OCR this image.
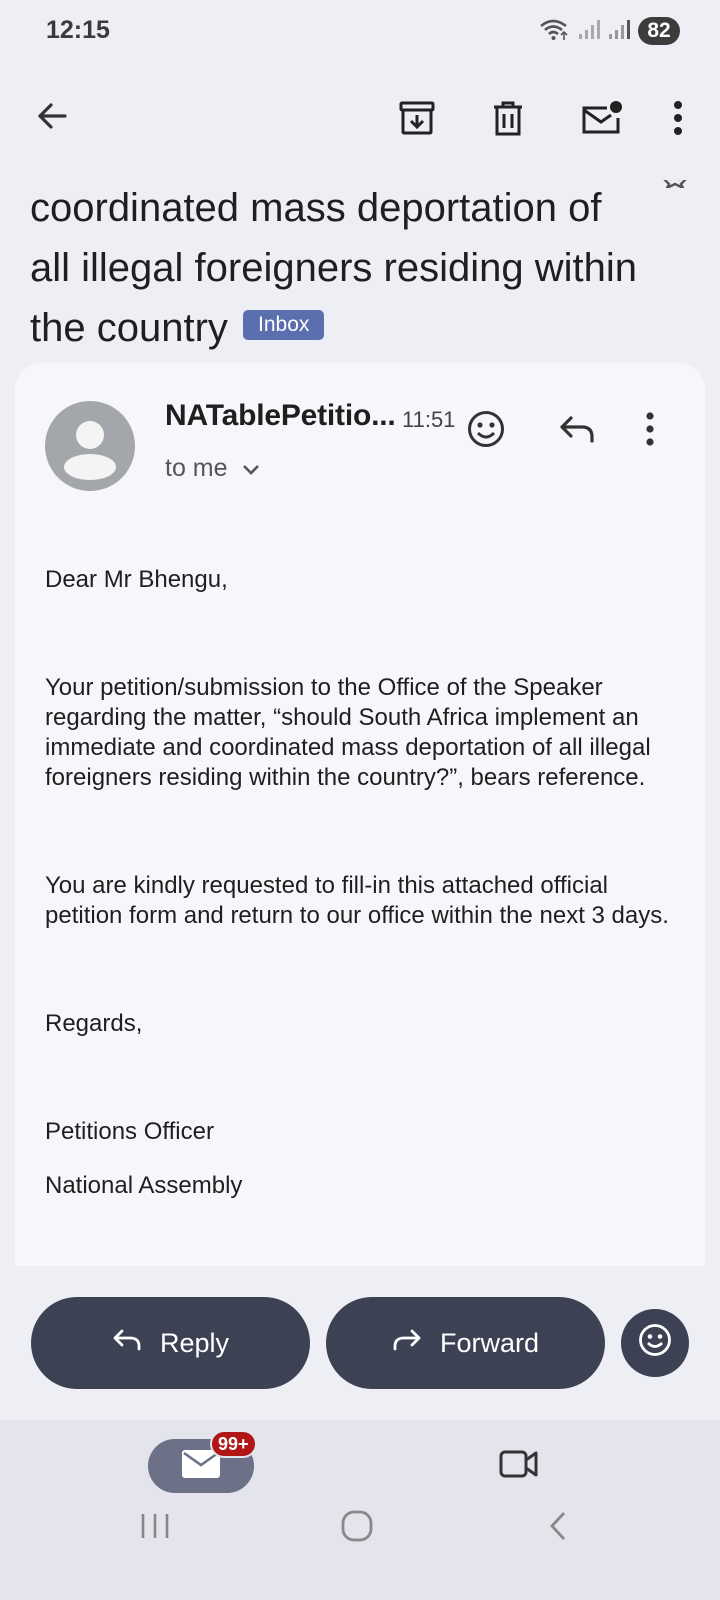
12:15	82
coordinated mass deportation of all illegal foreigners residing within the country Inbox
NATablePetitio... 11:51
to me

Dear Mr Bhengu,

Your petition/submission to the Office of the Speaker regarding the matter, “should South Africa implement an immediate and coordinated mass deportation of all illegal foreigners residing within the country?”, bears reference.

You are kindly requested to fill-in this attached official petition form and return to our office within the next 3 days.

Regards,

Petitions Officer

National Assembly

Reply	Forward
99+
